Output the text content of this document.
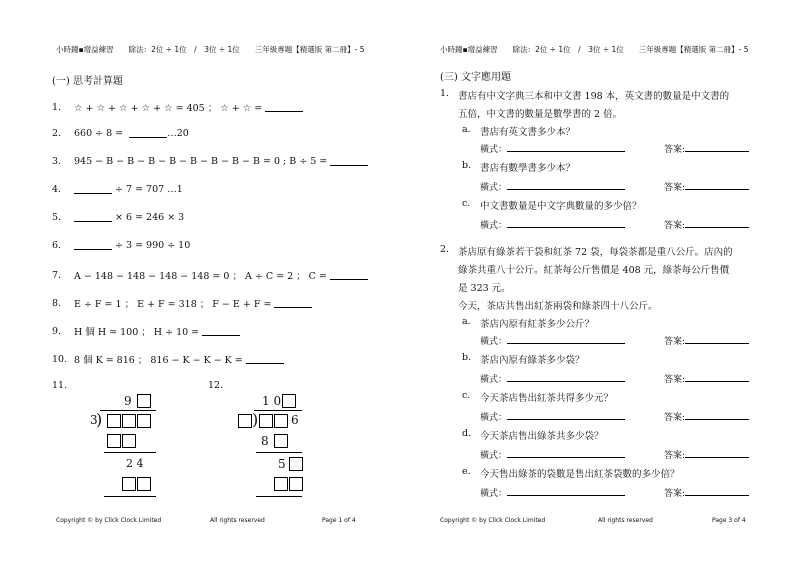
小時鐘▪增益練習　　除法：2位 ÷ 1位　/　3位 ÷ 1位　　三年級專題【精選版 第二冊】- 5
(一) 思考計算題
1.	☆ + ☆ + ☆ + ☆ + ☆ = 405 ； ☆ + ☆ =

2.	660 ÷ 8 =
	…20
3.	945 − B − B − B − B − B − B − B − B = 0 ; B ÷ 5 =

4.
	÷ 7 = 707 …1
5.
	× 6 = 246 × 3
6.
	÷ 3 = 990 ÷ 10
7.	A − 148 − 148 − 148 − 148 = 0 ； A ÷ C = 2 ； C =

8.	E ÷ F = 1 ； E + F = 318 ； F − E + F =

9.	H 個 H = 100 ； H ÷ 10 =

10. 8 個 K = 816 ； 816 − K − K − K =

11.
9
3
)
2 4
12.
1 0
)	6
8
5
Copyright © by Click Clock Limited	All rights reserved	Page 1 of 4
小時鐘▪增益練習　　除法：2位 ÷ 1位　/　3位 ÷ 1位　　三年級專題【精選版 第二冊】- 5
(三) 文字應用題
1. 書店有中文字典三本和中文書 198 本，英文書的數量是中文書的
五倍，中文書的數量是數學書的 2 倍。
a. 書店有英文書多少本？
橫式：	答案:
b. 書店有數學書多少本？
橫式：	答案:
c. 中文書數量是中文字典數量的多少倍？
橫式：	答案:
2. 茶店原有綠茶若干袋和紅茶 72 袋，每袋茶都是重八公斤。店內的
綠茶共重八十公斤。紅茶每公斤售價是 408 元，綠茶每公斤售價
是 323 元。
今天，茶店共售出紅茶兩袋和綠茶四十八公斤。
a. 茶店內原有紅茶多少公斤？
橫式：	答案:
b. 茶店內原有綠茶多少袋？
橫式：	答案:
c. 今天茶店售出紅茶共得多少元？
橫式：	答案:
d. 今天茶店售出綠茶共多少袋？
橫式：	答案:
e. 今天售出綠茶的袋數是售出紅茶袋數的多少倍？
橫式：	答案:
Copyright © by Click Clock Limited	All rights reserved	Page 3 of 4
